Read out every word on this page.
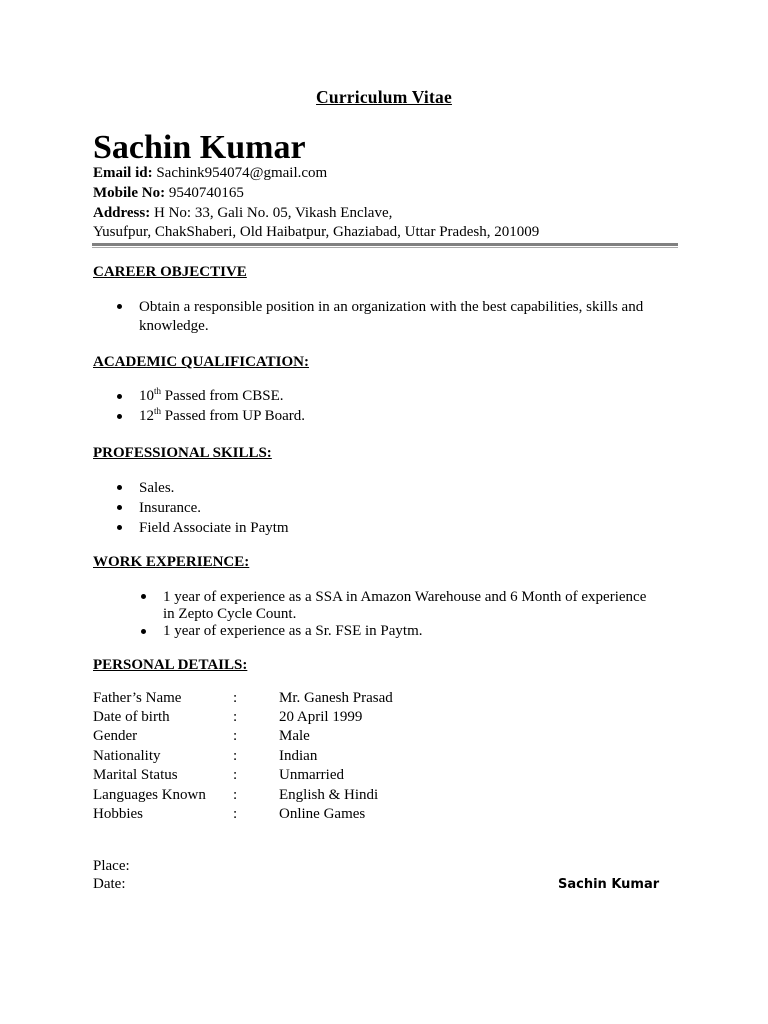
Curriculum Vitae
Sachin Kumar
Email id: Sachink954074@gmail.com
Mobile No: 9540740165
Address: H No: 33, Gali No. 05, Vikash Enclave,
Yusufpur, ChakShaberi, Old Haibatpur, Ghaziabad, Uttar Pradesh, 201009
CAREER OBJECTIVE
Obtain a responsible position in an organization with the best capabilities, skills and
knowledge.
ACADEMIC QUALIFICATION:
10th Passed from CBSE.
12th Passed from UP Board.
PROFESSIONAL SKILLS:
Sales.
Insurance.
Field Associate in Paytm
WORK EXPERIENCE:
1 year of experience as a SSA in Amazon Warehouse and 6 Month of experience
in Zepto Cycle Count.
1 year of experience as a Sr. FSE in Paytm.
PERSONAL DETAILS:
Father’s Name	:	Mr. Ganesh Prasad
Date of birth	:	20 April 1999
Gender	:	Male
Nationality	:	Indian
Marital Status	:	Unmarried
Languages Known :	English & Hindi
Hobbies	:	Online Games
Place:
Date:	Sachin Kumar
